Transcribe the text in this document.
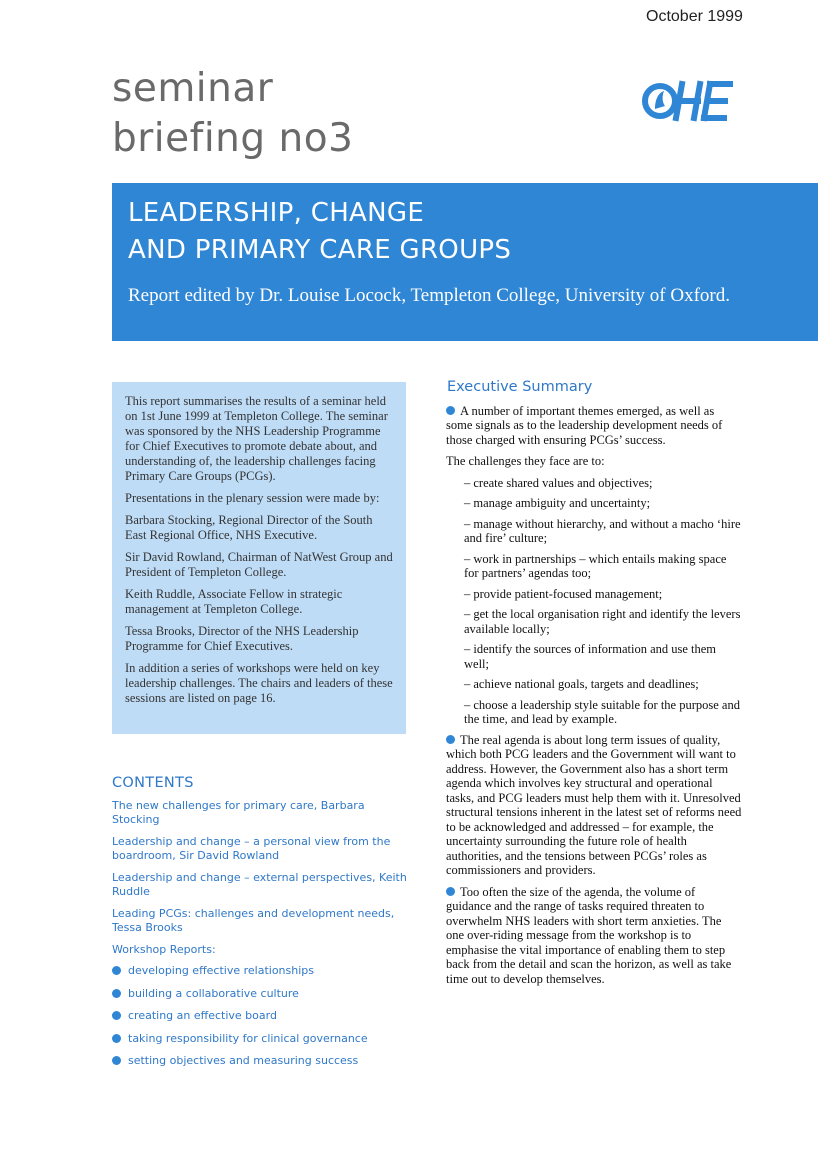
October 1999
seminar
briefing no3
LEADERSHIP, CHANGE
AND PRIMARY CARE GROUPS
Report edited by Dr. Louise Locock, Templeton College, University of Oxford.

This report summarises the results of a seminar held on 1st June 1999 at Templeton College. The seminar was sponsored by the NHS Leadership Programme for Chief Executives to promote debate about, and understanding of, the leadership challenges facing Primary Care Groups (PCGs).

Presentations in the plenary session were made by:

Barbara Stocking, Regional Director of the South East Regional Office, NHS Executive.

Sir David Rowland, Chairman of NatWest Group and President of Templeton College.

Keith Ruddle, Associate Fellow in strategic management at Templeton College.

Tessa Brooks, Director of the NHS Leadership Programme for Chief Executives.

In addition a series of workshops were held on key leadership challenges. The chairs and leaders of these sessions are listed on page 16.

CONTENTS
The new challenges for primary care, Barbara Stocking
Leadership and change – a personal view from the boardroom, Sir David Rowland
Leadership and change – external perspectives, Keith Ruddle
Leading PCGs: challenges and development needs, Tessa Brooks
Workshop Reports:
developing effective relationships
building a collaborative culture
creating an effective board
taking responsibility for clinical governance
setting objectives and measuring success
Executive Summary

A number of important themes emerged, as well as some signals as to the leadership development needs of those charged with ensuring PCGs’ success.

The challenges they face are to:

– create shared values and objectives;

– manage ambiguity and uncertainty;

– manage without hierarchy, and without a macho ‘hire and fire’ culture;

– work in partnerships – which entails making space for partners’ agendas too;

– provide patient-focused management;

– get the local organisation right and identify the levers available locally;

– identify the sources of information and use them well;

– achieve national goals, targets and deadlines;

– choose a leadership style suitable for the purpose and the time, and lead by example.

The real agenda is about long term issues of quality, which both PCG leaders and the Government will want to address. However, the Government also has a short term agenda which involves key structural and operational tasks, and PCG leaders must help them with it. Unresolved structural tensions inherent in the latest set of reforms need to be acknowledged and addressed – for example, the uncertainty surrounding the future role of health authorities, and the tensions between PCGs’ roles as commissioners and providers.

Too often the size of the agenda, the volume of guidance and the range of tasks required threaten to overwhelm NHS leaders with short term anxieties. The one over-riding message from the workshop is to emphasise the vital importance of enabling them to step back from the detail and scan the horizon, as well as take time out to develop themselves.
